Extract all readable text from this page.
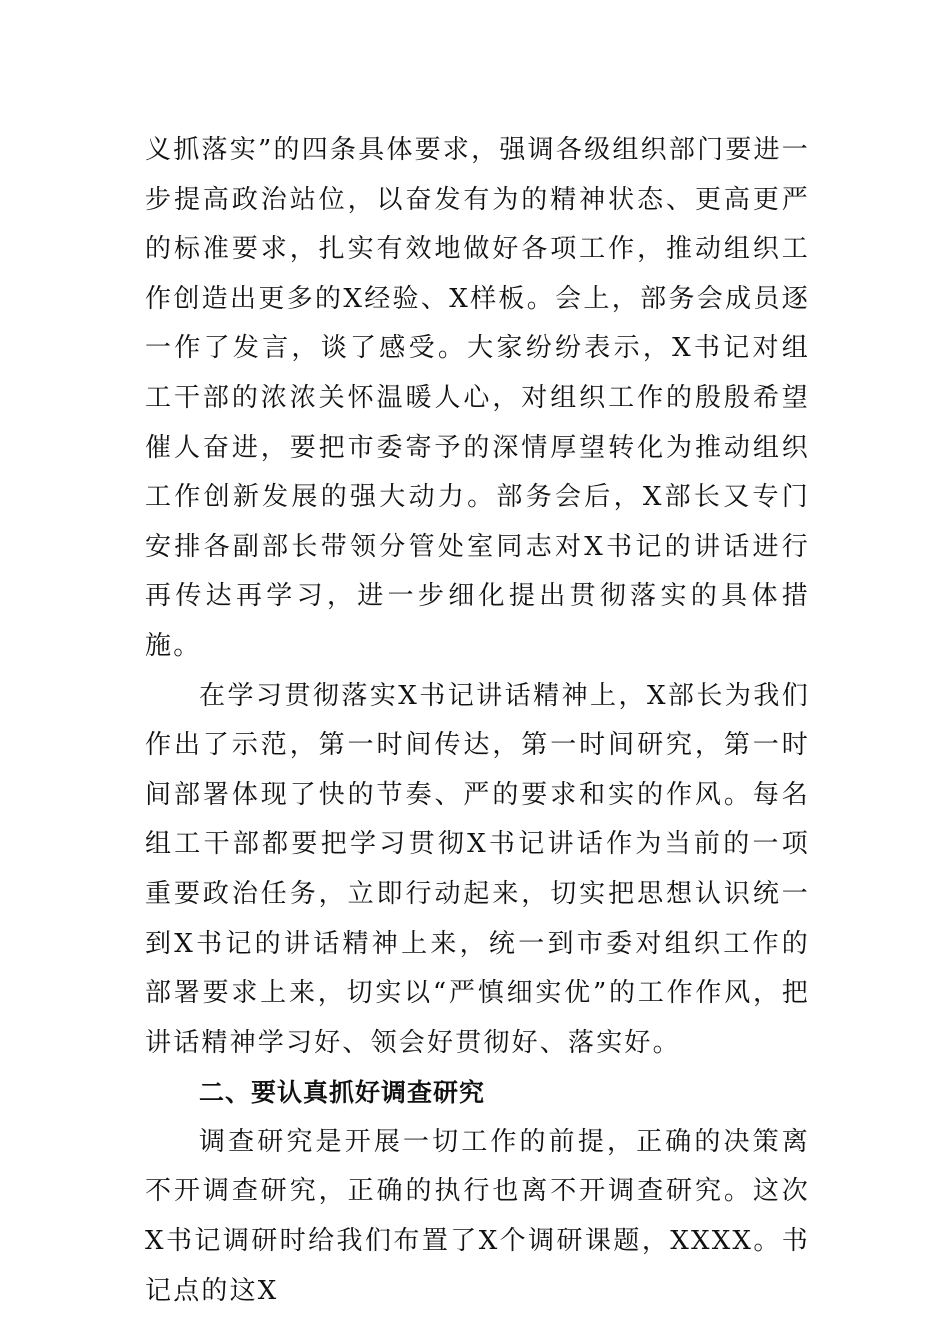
义抓落实”的四条具体要求，强调各级组织部门要进一步提高政治站位，以奋发有为的精神状态、更高更严的标准要求，扎实有效地做好各项工作，推动组织工作创造出更多的X经验、X样板。会上，部务会成员逐一作了发言，谈了感受。大家纷纷表示，X书记对组工干部的浓浓关怀温暖人心，对组织工作的殷殷希望催人奋进，要把市委寄予的深情厚望转化为推动组织工作创新发展的强大动力。部务会后，X部长又专门安排各副部长带领分管处室同志对X书记的讲话进行再传达再学习，进一步细化提出贯彻落实的具体措施。

在学习贯彻落实X书记讲话精神上，X部长为我们作出了示范，第一时间传达，第一时间研究，第一时间部署体现了快的节奏、严的要求和实的作风。每名组工干部都要把学习贯彻X书记讲话作为当前的一项重要政治任务，立即行动起来，切实把思想认识统一到X书记的讲话精神上来，统一到市委对组织工作的部署要求上来，切实以“严慎细实优”的工作作风，把讲话精神学习好、领会好贯彻好、落实好。

二、要认真抓好调查研究

调查研究是开展一切工作的前提，正确的决策离不开调查研究，正确的执行也离不开调查研究。这次X书记调研时给我们布置了X个调研课题，XXXX。书记点的这X
